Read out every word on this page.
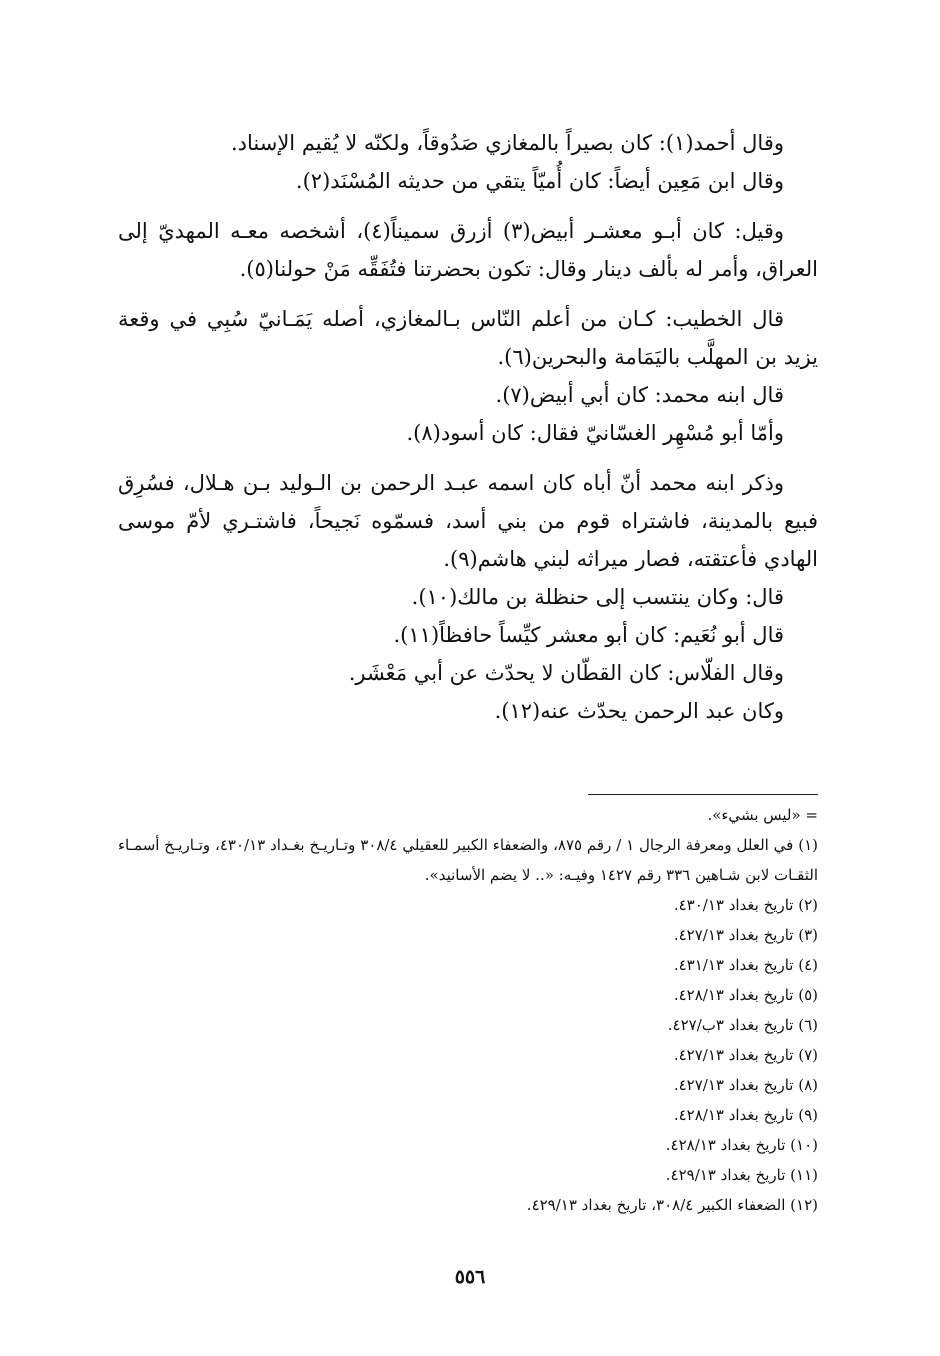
وقال أحمد(١): كان بصيراً بالمغازي صَدُوقاً، ولكنّه لا يُقيم الإسناد.

وقال ابن مَعِين أيضاً: كان أُميّاً يتقي من حديثه المُسْنَد(٢).

وقيل: كان أبـو معشـر أبيض(٣) أزرق سميناً(٤)، أشخصه معـه المهديّ إلى العراق، وأمر له بألف دينار وقال: تكون بحضرتنا فتُفَقِّه مَنْ حولنا(٥).

قال الخطيب: كـان من أعلم النّاس بـالمغازي، أصله يَمَـانيّ سُبِي في وقعة يزيد بن المهلَّب باليَمَامة والبحرين(٦).

قال ابنه محمد: كان أبي أبيض(٧).

وأمّا أبو مُسْهِر الغسّانيّ فقال: كان أسود(٨).

وذكر ابنه محمد أنّ أباه كان اسمه عبـد الرحمن بن الـوليد بـن هـلال، فسُرِق فبيع بالمدينة، فاشتراه قوم من بني أسد، فسمّوه نَجيحاً، فاشتـري لأمّ موسى الهادي فأعتقته، فصار ميراثه لبني هاشم(٩).

قال: وكان ينتسب إلى حنظلة بن مالك(١٠).

قال أبو نُعَيم: كان أبو معشر كيِّساً حافظاً(١١).

وقال الفلّاس: كان القطّان لا يحدّث عن أبي مَعْشَر.

وكان عبد الرحمن يحدّث عنه(١٢).

= «ليس بشيء».

(١) في العلل ومعرفة الرجال ١ / رقم ٨٧٥، والضعفاء الكبير للعقيلي ٣٠٨/٤ وتـاريـخ بغـداد ٤٣٠/١٣، وتـاريـخ أسمـاء الثقـات لابن شـاهين ٣٣٦ رقم ١٤٢٧ وفيـه: «.. لا يضم الأسانيد».
(٢) تاريخ بغداد ٤٣٠/١٣.
(٣) تاريخ بغداد ٤٢٧/١٣.
(٤) تاريخ بغداد ٤٣١/١٣.
(٥) تاريخ بغداد ٤٢٨/١٣.
(٦) تاريخ بغداد ٣ب/٤٢٧.
(٧) تاريخ بغداد ٤٢٧/١٣.
(٨) تاريخ بغداد ٤٢٧/١٣.
(٩) تاريخ بغداد ٤٢٨/١٣.
(١٠) تاريخ بغداد ٤٢٨/١٣.
(١١) تاريخ بغداد ٤٢٩/١٣.
(١٢) الضعفاء الكبير ٣٠٨/٤، تاريخ بغداد ٤٢٩/١٣.
٥٥٦
